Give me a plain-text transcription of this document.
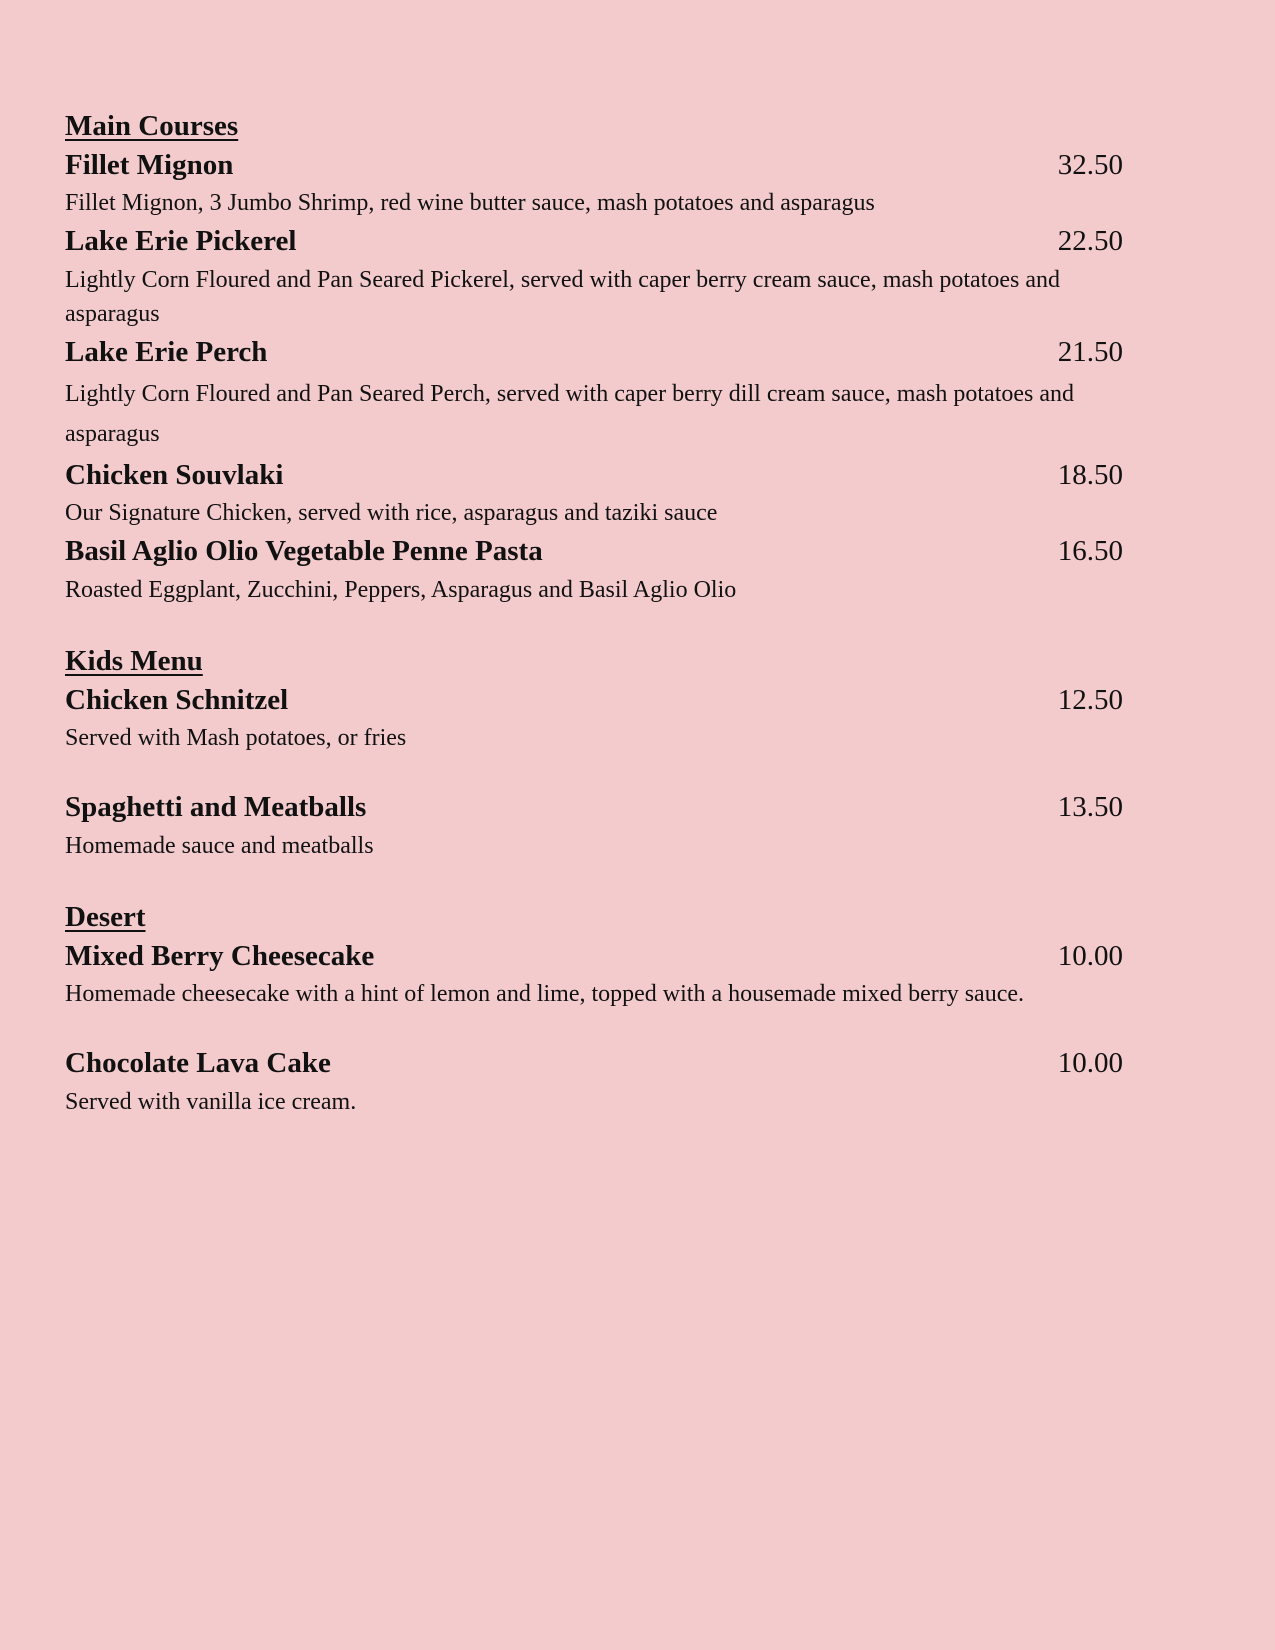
Main Courses
Fillet Mignon	32.50

Fillet Mignon, 3 Jumbo Shrimp, red wine butter sauce, mash potatoes and asparagus

Lake Erie Pickerel	22.50

Lightly Corn Floured and Pan Seared Pickerel, served with caper berry cream sauce, mash potatoes and asparagus

Lake Erie Perch	21.50

Lightly Corn Floured and Pan Seared Perch, served with caper berry dill cream sauce, mash potatoes and asparagus

Chicken Souvlaki	18.50

Our Signature Chicken, served with rice, asparagus and taziki sauce

Basil Aglio Olio Vegetable Penne Pasta	16.50

Roasted Eggplant, Zucchini, Peppers, Asparagus and Basil Aglio Olio

Kids Menu
Chicken Schnitzel	12.50

Served with Mash potatoes, or fries

Spaghetti and Meatballs	13.50

Homemade sauce and meatballs

Desert
Mixed Berry Cheesecake	10.00

Homemade cheesecake with a hint of lemon and lime, topped with a housemade mixed berry sauce.

Chocolate Lava Cake	10.00

Served with vanilla ice cream.
